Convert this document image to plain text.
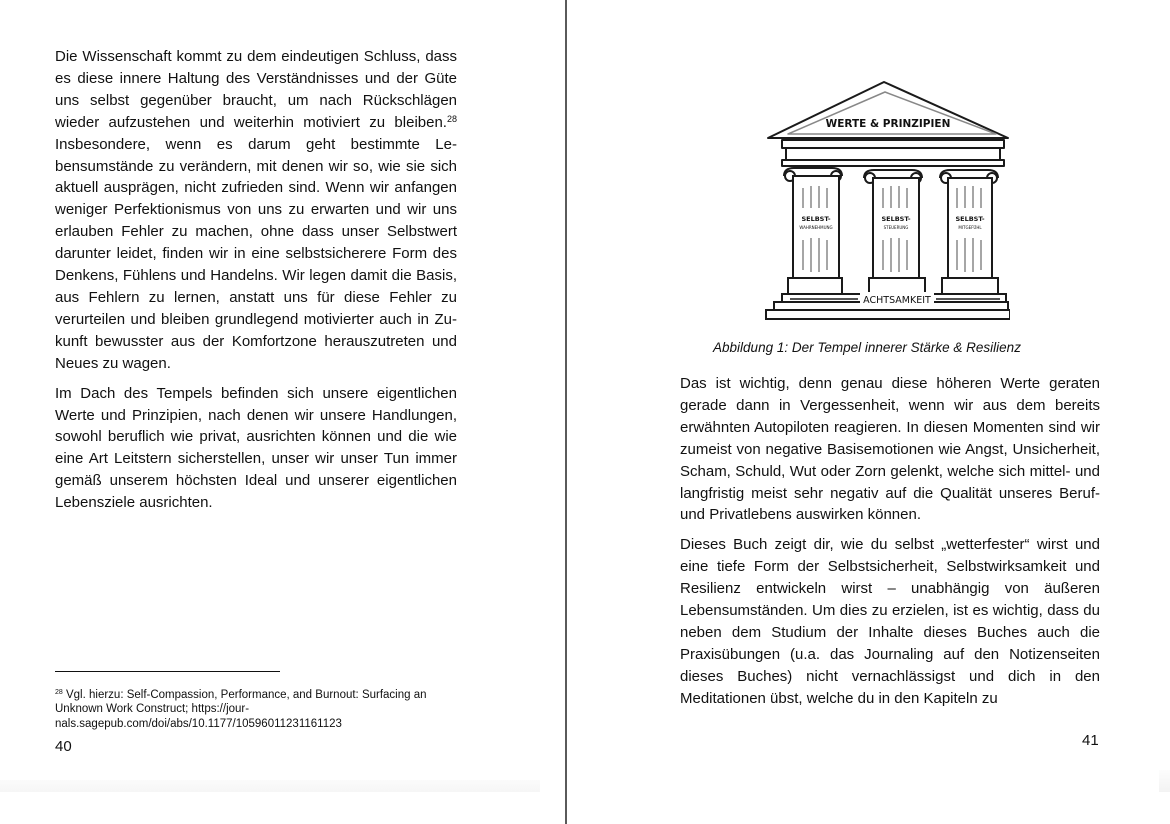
Die Wissenschaft kommt zu dem eindeutigen Schluss, dass es diese innere Haltung des Verständnisses und der Güte uns selbst gegenüber braucht, um nach Rückschlägen wieder aufzustehen und weiterhin motiviert zu bleiben.$^{28}$ Insbesondere, wenn es darum geht bestimmte Lebensumstände zu verändern, mit denen wir so, wie sie sich aktuell ausprägen, nicht zufrieden sind. Wenn wir anfangen weniger Perfektionismus von uns zu erwarten und wir uns erlauben Fehler zu machen, ohne dass unser Selbstwert darunter leidet, finden wir in eine selbstsicherere Form des Denkens, Fühlens und Handelns. Wir legen damit die Basis, aus Fehlern zu lernen, anstatt uns für diese Fehler zu verurteilen und bleiben grundlegend motivierter auch in Zukunft bewusster aus der Komfortzone herauszutreten und Neues zu wagen.

Im Dach des Tempels befinden sich unsere eigentlichen Werte und Prinzipien, nach denen wir unsere Handlungen, sowohl beruflich wie privat, ausrichten können und die wie eine Art Leitstern sicherstellen, unser wir unser Tun immer gemäß unserem höchsten Ideal und unserer eigentlichen Lebensziele ausrichten.

$^{28}$ Vgl. hierzu: Self-Compassion, Performance, and Burnout: Surfacing an Unknown Work Construct; https://jour-
nals.sagepub.com/doi/abs/10.1177/10596011231161123
40
WERTE & PRINZIPIEN
SELBST-
WAHRNEHMUNG
SELBST-
STEUERUNG
SELBST-
MITGEFÜHL
ACHTSAMKEIT
Abbildung 1: Der Tempel innerer Stärke & Resilienz

Das ist wichtig, denn genau diese höheren Werte geraten gerade dann in Vergessenheit, wenn wir aus dem bereits erwähnten Autopiloten reagieren. In diesen Momenten sind wir zumeist von negative Basisemotionen wie Angst, Unsicherheit, Scham, Schuld, Wut oder Zorn gelenkt, welche sich mittel- und langfristig meist sehr negativ auf die Qualität unseres Beruf- und Privatlebens auswirken können.

Dieses Buch zeigt dir, wie du selbst „wetterfester“ wirst und eine tiefe Form der Selbstsicherheit, Selbstwirksamkeit und Resilienz entwickeln wirst – unabhängig von äußeren Lebensumständen. Um dies zu erzielen, ist es wichtig, dass du neben dem Studium der Inhalte dieses Buches auch die Praxisübungen (u.a. das Journaling auf den Notizenseiten dieses Buches) nicht vernachlässigst und dich in den Meditationen übst, welche du in den Kapiteln zu

41
